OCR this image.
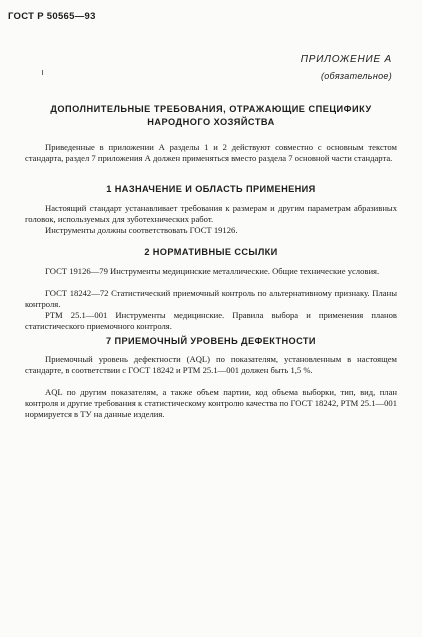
ГОСТ Р 50565—93
ПРИЛОЖЕНИЕ А
(обязательное)
ДОПОЛНИТЕЛЬНЫЕ ТРЕБОВАНИЯ, ОТРАЖАЮЩИЕ СПЕЦИФИКУ НАРОДНОГО ХОЗЯЙСТВА
Приведенные в приложении А разделы 1 и 2 действуют совместно с основным текстом стандарта, раздел 7 приложения А должен применяться вместо раздела 7 основной части стандарта.
1 НАЗНАЧЕНИЕ И ОБЛАСТЬ ПРИМЕНЕНИЯ
Настоящий стандарт устанавливает требования к размерам и другим параметрам абразивных головок, используемых для зуботехнических работ.
Инструменты должны соответствовать ГОСТ 19126.
2 НОРМАТИВНЫЕ ССЫЛКИ
ГОСТ 19126—79 Инструменты медицинские металлические. Общие технические условия.
ГОСТ 18242—72 Статистический приемочный контроль по альтернативному признаку. Планы контроля.
РТМ 25.1—001 Инструменты медицинские. Правила выбора и применения планов статистического приемочного контроля.
7 ПРИЕМОЧНЫЙ УРОВЕНЬ ДЕФЕКТНОСТИ
Приемочный уровень дефектности (AQL) по показателям, установленным в настоящем стандарте, в соответствии с ГОСТ 18242 и РТМ 25.1—001 должен быть 1,5 %.
AQL по другим показателям, а также объем партии, код объема выборки, тип, вид, план контроля и другие требования к статистическому контролю качества по ГОСТ 18242, РТМ 25.1—001 нормируется в ТУ на данные изделия.
